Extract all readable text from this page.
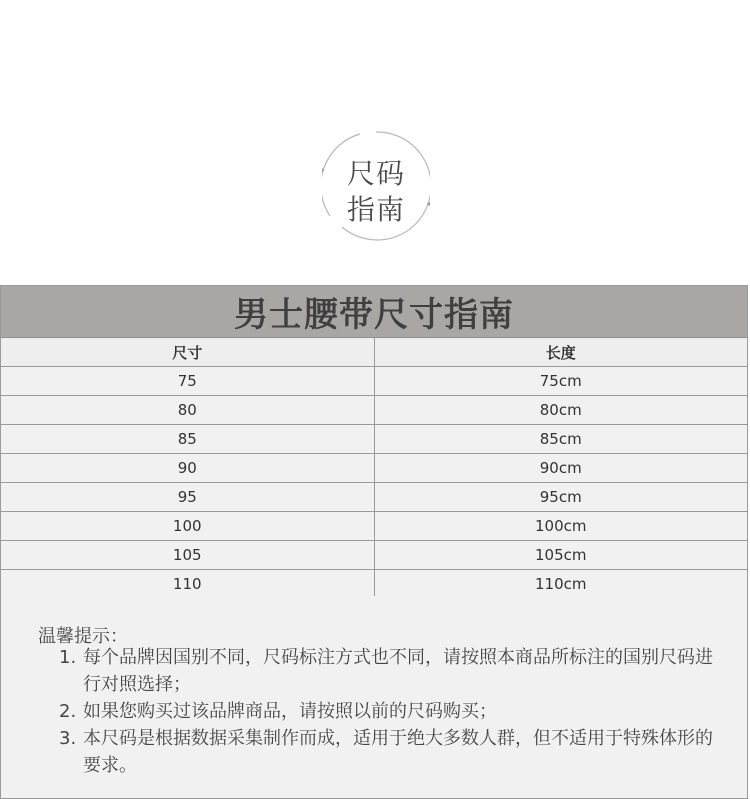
尺码
指南
男士腰带尺寸指南
尺寸	长度
75	75cm
80	80cm
85	85cm
90	90cm
95	95cm
100	100cm
105	105cm
110	110cm
温馨提示：
1. 每个品牌因国别不同，尺码标注方式也不同，请按照本商品所标注的国别尺码进行对照选择；
2. 如果您购买过该品牌商品，请按照以前的尺码购买；
3. 本尺码是根据数据采集制作而成，适用于绝大多数人群，但不适用于特殊体形的要求。
